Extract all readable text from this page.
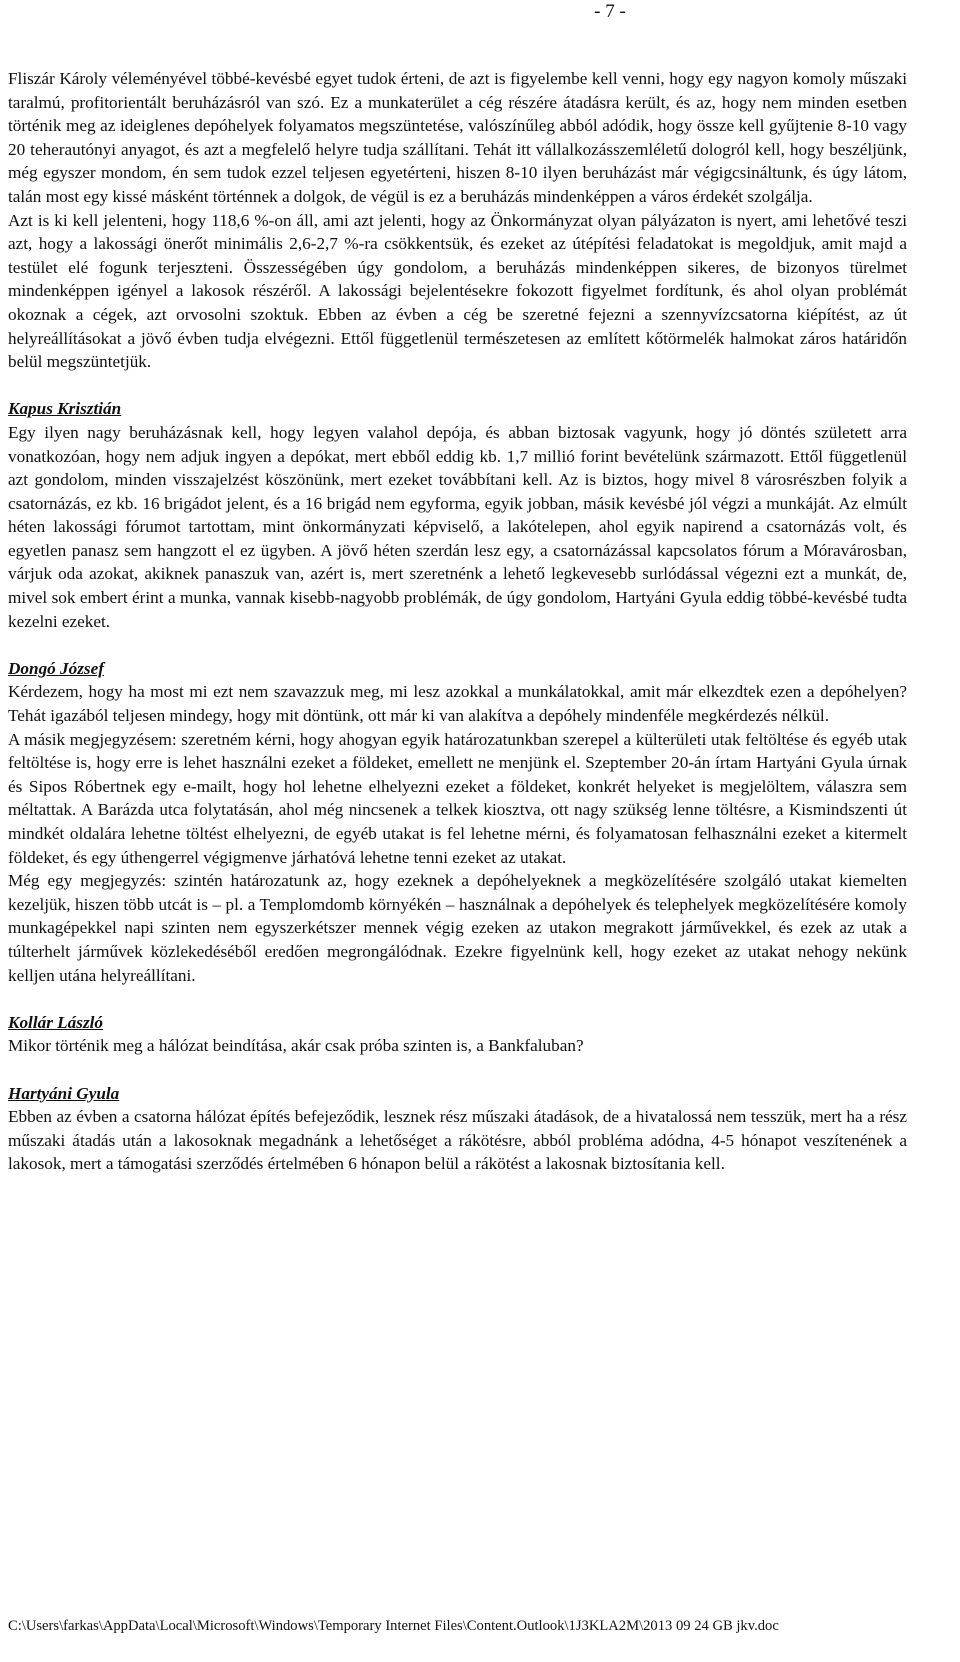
- 7 -

Fliszár Károly véleményével többé-kevésbé egyet tudok érteni, de azt is figyelembe kell venni, hogy egy nagyon komoly műszaki taralmú, profitorientált beruházásról van szó. Ez a munkaterület a cég részére átadásra került, és az, hogy nem minden esetben történik meg az ideiglenes depóhelyek folyamatos megszüntetése, valószínűleg abból adódik, hogy össze kell gyűjtenie 8-10 vagy 20 teherautónyi anyagot, és azt a megfelelő helyre tudja szállítani. Tehát itt vállalkozásszemléletű dologról kell, hogy beszéljünk, még egyszer mondom, én sem tudok ezzel teljesen egyetérteni, hiszen 8-10 ilyen beruházást már végigcsináltunk, és úgy látom, talán most egy kissé másként történnek a dolgok, de végül is ez a beruházás mindenképpen a város érdekét szolgálja.

Azt is ki kell jelenteni, hogy 118,6 %-on áll, ami azt jelenti, hogy az Önkormányzat olyan pályázaton is nyert, ami lehetővé teszi azt, hogy a lakossági önerőt minimális 2,6-2,7 %-ra csökkentsük, és ezeket az útépítési feladatokat is megoldjuk, amit majd a testület elé fogunk terjeszteni. Összességében úgy gondolom, a beruházás mindenképpen sikeres, de bizonyos türelmet mindenképpen igényel a lakosok részéről. A lakossági bejelentésekre fokozott figyelmet fordítunk, és ahol olyan problémát okoznak a cégek, azt orvosolni szoktuk. Ebben az évben a cég be szeretné fejezni a szennyvízcsatorna kiépítést, az út helyreállításokat a jövő évben tudja elvégezni. Ettől függetlenül természetesen az említett kőtörmelék halmokat záros határidőn belül megszüntetjük.

Kapus Krisztián

Egy ilyen nagy beruházásnak kell, hogy legyen valahol depója, és abban biztosak vagyunk, hogy jó döntés született arra vonatkozóan, hogy nem adjuk ingyen a depókat, mert ebből eddig kb. 1,7 millió forint bevételünk származott. Ettől függetlenül azt gondolom, minden visszajelzést köszönünk, mert ezeket továbbítani kell. Az is biztos, hogy mivel 8 városrészben folyik a csatornázás, ez kb. 16 brigádot jelent, és a 16 brigád nem egyforma, egyik jobban, másik kevésbé jól végzi a munkáját. Az elmúlt héten lakossági fórumot tartottam, mint önkormányzati képviselő, a lakótelepen, ahol egyik napirend a csatornázás volt, és egyetlen panasz sem hangzott el ez ügyben. A jövő héten szerdán lesz egy, a csatornázással kapcsolatos fórum a Móravárosban, várjuk oda azokat, akiknek panaszuk van, azért is, mert szeretnénk a lehető legkevesebb surlódással végezni ezt a munkát, de, mivel sok embert érint a munka, vannak kisebb-nagyobb problémák, de úgy gondolom, Hartyáni Gyula eddig többé-kevésbé tudta kezelni ezeket.

Dongó József

Kérdezem, hogy ha most mi ezt nem szavazzuk meg, mi lesz azokkal a munkálatokkal, amit már elkezdtek ezen a depóhelyen? Tehát igazából teljesen mindegy, hogy mit döntünk, ott már ki van alakítva a depóhely mindenféle megkérdezés nélkül.

A másik megjegyzésem: szeretném kérni, hogy ahogyan egyik határozatunkban szerepel a külterületi utak feltöltése és egyéb utak feltöltése is, hogy erre is lehet használni ezeket a földeket, emellett ne menjünk el. Szeptember 20-án írtam Hartyáni Gyula úrnak és Sipos Róbertnek egy e-mailt, hogy hol lehetne elhelyezni ezeket a földeket, konkrét helyeket is megjelöltem, válaszra sem méltattak. A Barázda utca folytatásán, ahol még nincsenek a telkek kiosztva, ott nagy szükség lenne töltésre, a Kismindszenti út mindkét oldalára lehetne töltést elhelyezni, de egyéb utakat is fel lehetne mérni, és folyamatosan felhasználni ezeket a kitermelt földeket, és egy úthengerrel végigmenve járhatóvá lehetne tenni ezeket az utakat.

Még egy megjegyzés: szintén határozatunk az, hogy ezeknek a depóhelyeknek a megközelítésére szolgáló utakat kiemelten kezeljük, hiszen több utcát is – pl. a Templomdomb környékén – használnak a depóhelyek és telephelyek megközelítésére komoly munkagépekkel napi szinten nem egyszerkétszer mennek végig ezeken az utakon megrakott járművekkel, és ezek az utak a túlterhelt járművek közlekedéséből eredően megrongálódnak. Ezekre figyelnünk kell, hogy ezeket az utakat nehogy nekünk kelljen utána helyreállítani.

Kollár László

Mikor történik meg a hálózat beindítása, akár csak próba szinten is, a Bankfaluban?

Hartyáni Gyula

Ebben az évben a csatorna hálózat építés befejeződik, lesznek rész műszaki átadások, de a hivatalossá nem tesszük, mert ha a rész műszaki átadás után a lakosoknak megadnánk a lehetőséget a rákötésre, abból probléma adódna, 4-5 hónapot veszítenének a lakosok, mert a támogatási szerződés értelmében 6 hónapon belül a rákötést a lakosnak biztosítania kell.

C:\Users\farkas\AppData\Local\Microsoft\Windows\Temporary Internet Files\Content.Outlook\1J3KLA2M\2013 09 24 GB jkv.doc
